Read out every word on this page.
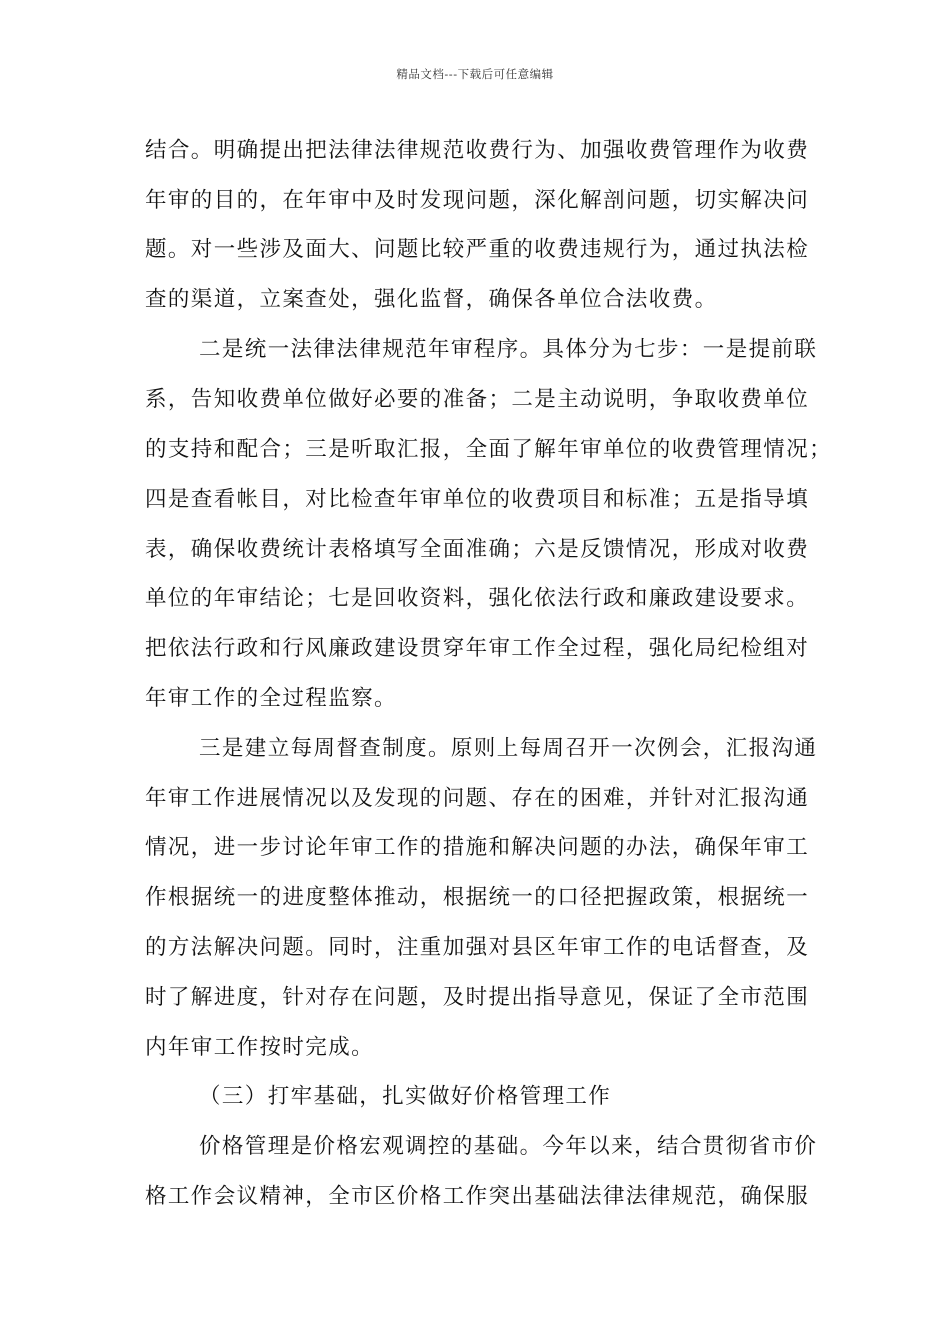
精品文档---下载后可任意编辑
结合。明确提出把法律法律规范收费行为、加强收费管理作为收费
年审的目的，在年审中及时发现问题，深化解剖问题，切实解决问
题。对一些涉及面大、问题比较严重的收费违规行为，通过执法检
查的渠道，立案查处，强化监督，确保各单位合法收费。
二是统一法律法律规范年审程序。具体分为七步：一是提前联
系，告知收费单位做好必要的准备；二是主动说明，争取收费单位
的支持和配合；三是听取汇报，全面了解年审单位的收费管理情况；
四是查看帐目，对比检查年审单位的收费项目和标准；五是指导填
表，确保收费统计表格填写全面准确；六是反馈情况，形成对收费
单位的年审结论；七是回收资料，强化依法行政和廉政建设要求。
把依法行政和行风廉政建设贯穿年审工作全过程，强化局纪检组对
年审工作的全过程监察。
三是建立每周督查制度。原则上每周召开一次例会，汇报沟通
年审工作进展情况以及发现的问题、存在的困难，并针对汇报沟通
情况，进一步讨论年审工作的措施和解决问题的办法，确保年审工
作根据统一的进度整体推动，根据统一的口径把握政策，根据统一
的方法解决问题。同时，注重加强对县区年审工作的电话督查，及
时了解进度，针对存在问题，及时提出指导意见，保证了全市范围
内年审工作按时完成。
（三）打牢基础，扎实做好价格管理工作
价格管理是价格宏观调控的基础。今年以来，结合贯彻省市价
格工作会议精神，全市区价格工作突出基础法律法律规范，确保服
